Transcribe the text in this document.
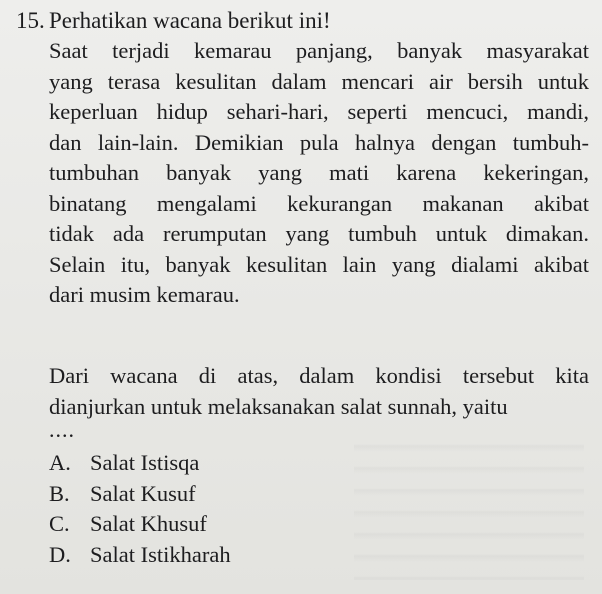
15. Perhatikan wacana berikut ini!
Saat terjadi kemarau panjang, banyak masyarakat
yang terasa kesulitan dalam mencari air bersih untuk
keperluan hidup sehari-hari, seperti mencuci, mandi,
dan lain-lain. Demikian pula halnya dengan tumbuh-
tumbuhan banyak yang mati karena kekeringan,
binatang mengalami kekurangan makanan akibat
tidak ada rerumputan yang tumbuh untuk dimakan.
Selain itu, banyak kesulitan lain yang dialami akibat
dari musim kemarau.
Dari wacana di atas, dalam kondisi tersebut kita
dianjurkan untuk melaksanakan salat sunnah, yaitu
....
A. Salat Istisqa
B. Salat Kusuf
C. Salat Khusuf
D. Salat Istikharah
